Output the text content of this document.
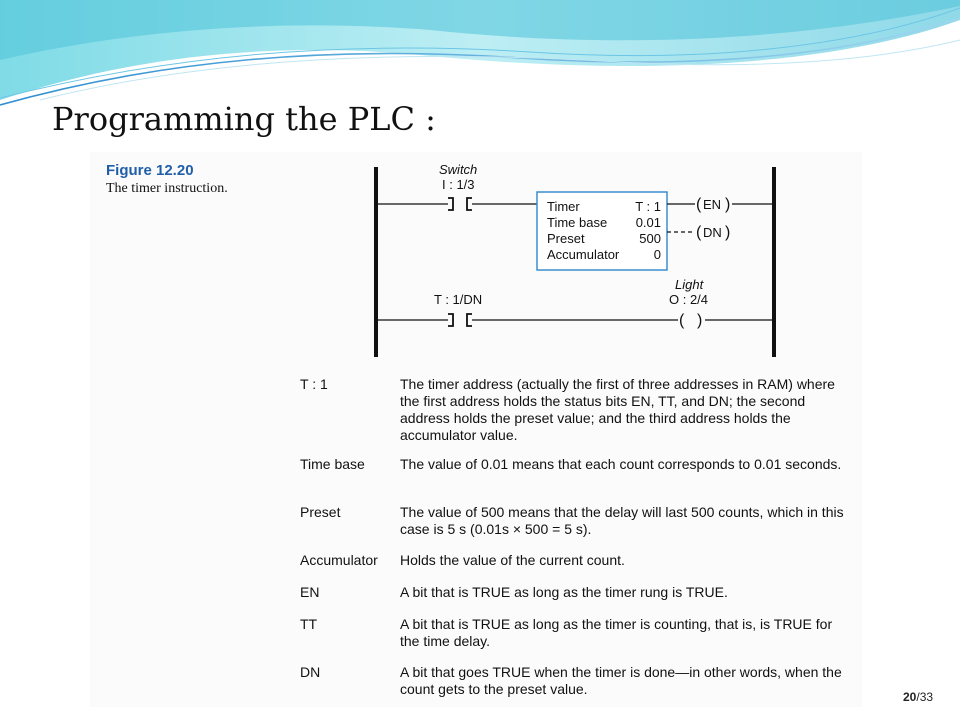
Programming the PLC :
Figure 12.20
The timer instruction.
Switch
I : 1/3
Timer	T : 1
Time base 0.01
Preset	500
Accumulator	0
( EN )
( DN )
T : 1/DN
Light
O : 2/4
( )
T : 1	The timer address (actually the first of three addresses in RAM) where the first address holds the status bits EN, TT, and DN; the second address holds the preset value; and the third address holds the accumulator value.
Time base	The value of 0.01 means that each count corresponds to 0.01 seconds.
Preset	The value of 500 means that the delay will last 500 counts, which in this case is 5 s (0.01s × 500 = 5 s).
Accumulator	Holds the value of the current count.
EN	A bit that is TRUE as long as the timer rung is TRUE.
TT	A bit that is TRUE as long as the timer is counting, that is, is TRUE for the time delay.
DN	A bit that goes TRUE when the timer is done—in other words, when the count gets to the preset value.	20/33
